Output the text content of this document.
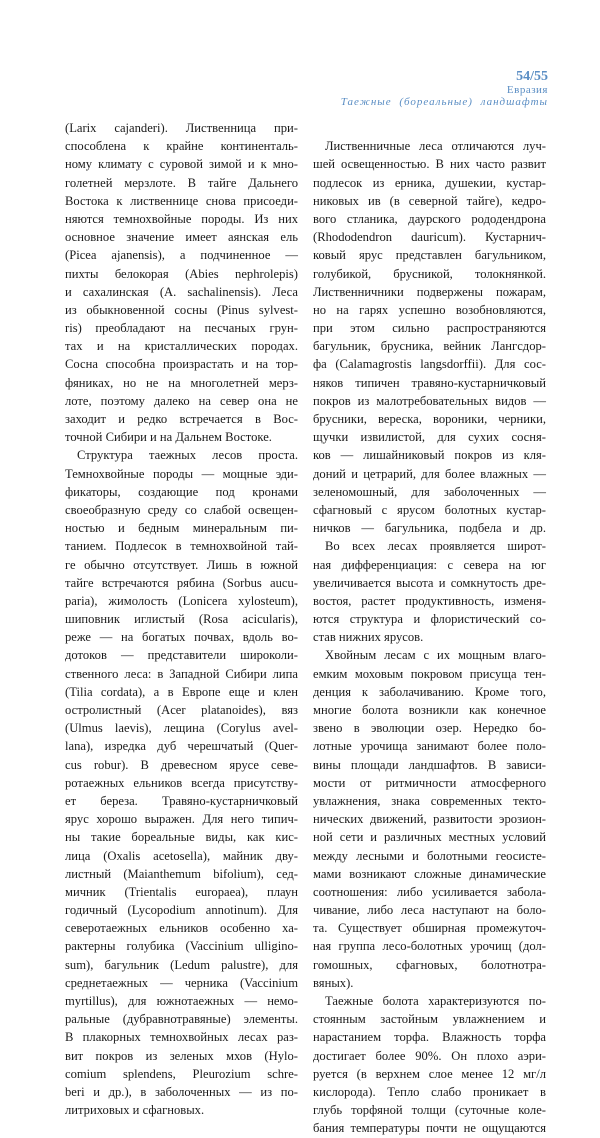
54/55
Евразия
Таежные (бореальные) ландшафты
(Larix cajanderi). Лиственница при-
способлена к крайне континенталь-
ному климату с суровой зимой и к мно-
голетней мерзлоте. В тайге Дальнего
Востока к лиственнице снова присоеди-
няются темнохвойные породы. Из них
основное значение имеет аянская ель
(Picea ajanensis), а подчиненное —
пихты белокорая (Abies nephrolepis)
и сахалинская (A. sachalinensis). Леса
из обыкновенной сосны (Pinus sylvest-
ris) преобладают на песчаных грун-
тах и на кристаллических породах.
Сосна способна произрастать и на тор-
фяниках, но не на многолетней мерз-
лоте, поэтому далеко на север она не
заходит и редко встречается в Вос-
точной Сибири и на Дальнем Востоке.
Структура таежных лесов проста.
Темнохвойные породы — мощные эди-
фикаторы, создающие под кронами
своеобразную среду со слабой освещен-
ностью и бедным минеральным пи-
танием. Подлесок в темнохвойной тай-
ге обычно отсутствует. Лишь в южной
тайге встречаются рябина (Sorbus aucu-
paria), жимолость (Lonicera xylosteum),
шиповник иглистый (Rosa acicularis),
реже — на богатых почвах, вдоль во-
дотоков — представители широколи-
ственного леса: в Западной Сибири липа
(Tilia cordata), а в Европе еще и клен
остролистный (Acer platanoides), вяз
(Ulmus laevis), лещина (Corylus avel-
lana), изредка дуб черешчатый (Quer-
cus robur). В древесном ярусе севе-
ротаежных ельников всегда присутству-
ет береза. Травяно-кустарничковый
ярус хорошо выражен. Для него типич-
ны такие бореальные виды, как кис-
лица (Oxalis acetosella), майник дву-
листный (Maianthemum bifolium), сед-
мичник (Trientalis europaea), плаун
годичный (Lycopodium annotinum). Для
северотаежных ельников особенно ха-
рактерны голубика (Vaccinium ulligino-
sum), багульник (Ledum palustre), для
среднетаежных — черника (Vaccinium
myrtillus), для южнотаежных — немо-
ральные (дубравнотравяные) элементы.
В плакорных темнохвойных лесах раз-
вит покров из зеленых мхов (Hylo-
comium splendens, Pleurozium schre-
beri и др.), в заболоченных — из по-
литриховых и сфагновых.
Лиственничные леса отличаются луч-
шей освещенностью. В них часто развит
подлесок из ерника, душекии, кустар-
никовых ив (в северной тайге), кедро-
вого стланика, даурского рододендрона
(Rhododendron dauricum). Кустарнич-
ковый ярус представлен багульником,
голубикой, брусникой, толокнянкой.
Лиственничники подвержены пожарам,
но на гарях успешно возобновляются,
при этом сильно распространяются
багульник, брусника, вейник Лангсдор-
фа (Calamagrostis langsdorffii). Для сос-
няков типичен травяно-кустарничковый
покров из малотребовательных видов —
брусники, вереска, вороники, черники,
щучки извилистой, для сухих сосня-
ков — лишайниковый покров из кля-
доний и цетрарий, для более влажных —
зеленомошный, для заболоченных —
сфагновый с ярусом болотных кустар-
ничков — багульника, подбела и др.
Во всех лесах проявляется широт-
ная дифференциация: с севера на юг
увеличивается высота и сомкнутость дре-
востоя, растет продуктивность, изменя-
ются структура и флористический со-
став нижних ярусов.
Хвойным лесам с их мощным влаго-
емким моховым покровом присуща тен-
денция к заболачиванию. Кроме того,
многие болота возникли как конечное
звено в эволюции озер. Нередко бо-
лотные урочища занимают более поло-
вины площади ландшафтов. В зависи-
мости от ритмичности атмосферного
увлажнения, знака современных текто-
нических движений, развитости эрозион-
ной сети и различных местных условий
между лесными и болотными геосисте-
мами возникают сложные динамические
соотношения: либо усиливается забола-
чивание, либо леса наступают на боло-
та. Существует обширная промежуточ-
ная группа лесо-болотных урочищ (дол-
гомошных, сфагновых, болотнотра-
вяных).
Таежные болота характеризуются по-
стоянным застойным увлажнением и
нарастанием торфа. Влажность торфа
достигает более 90%. Он плохо аэри-
руется (в верхнем слое менее 12 мг/л
кислорода). Тепло слабо проникает в
глубь торфяной толщи (суточные коле-
бания температуры почти не ощущаются
